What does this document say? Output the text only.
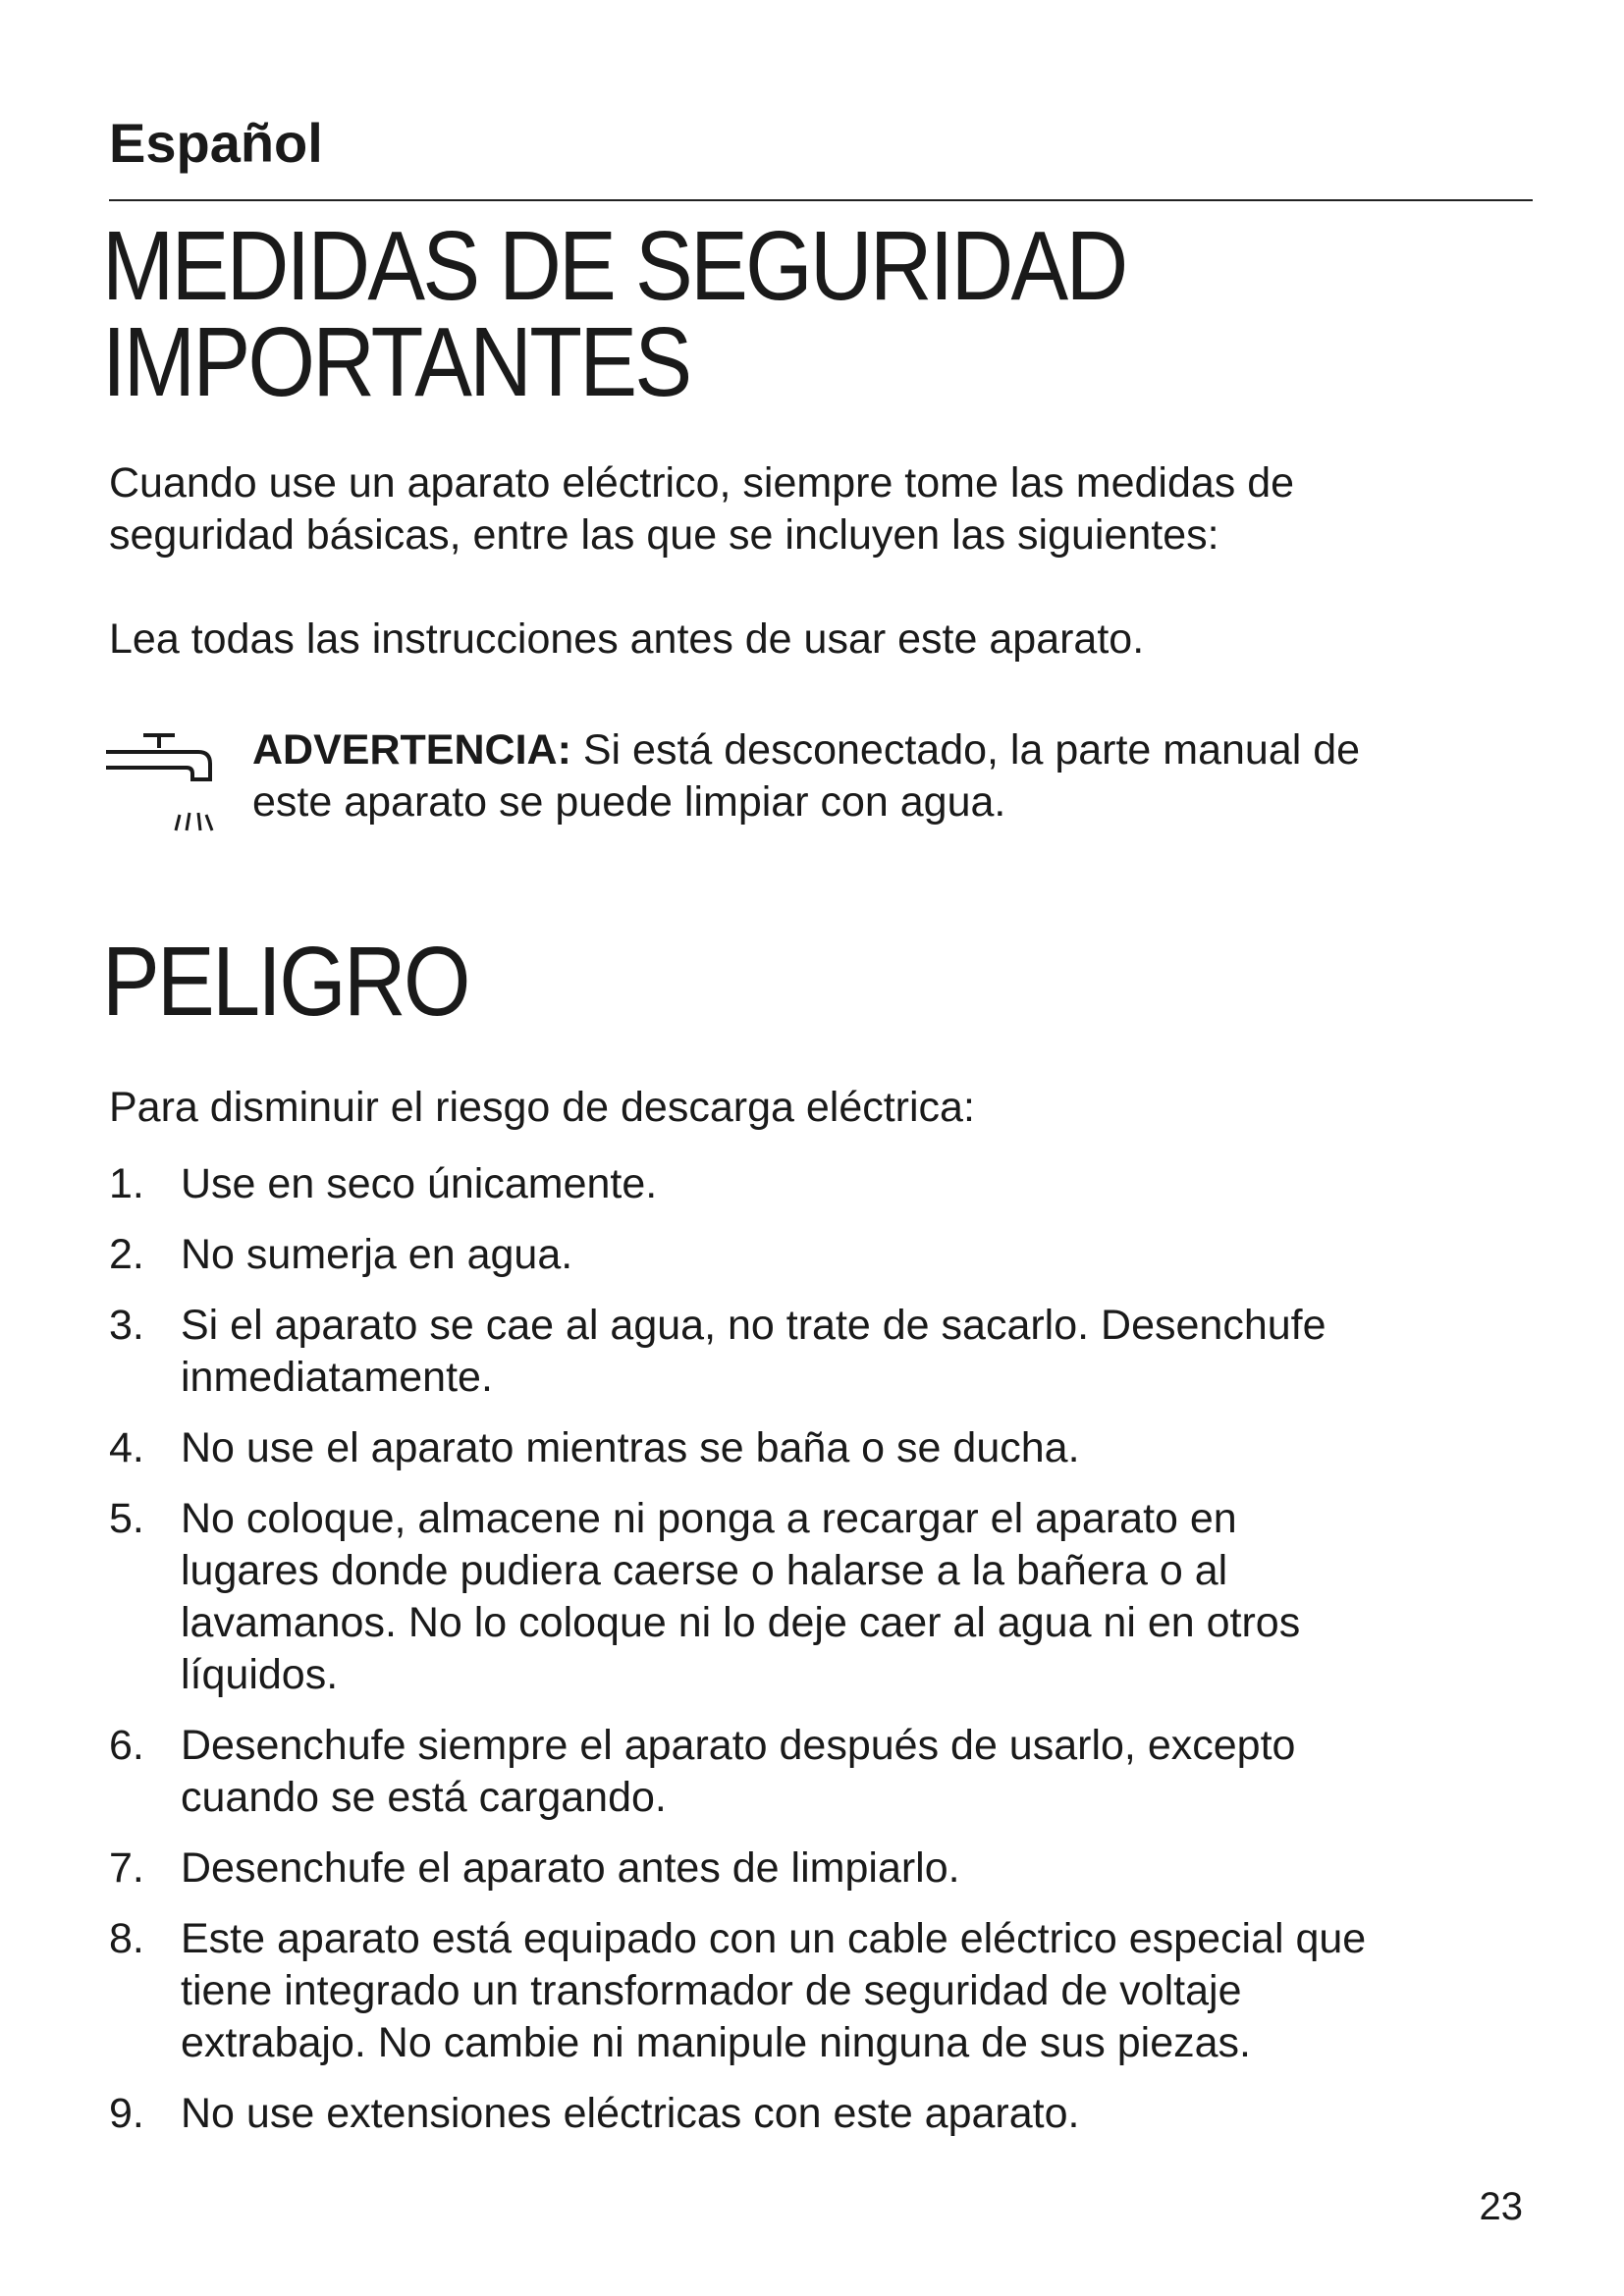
Español
MEDIDAS DE SEGURIDAD
IMPORTANTES
Cuando use un aparato eléctrico, siempre tome las medidas de
seguridad básicas, entre las que se incluyen las siguientes:
Lea todas las instrucciones antes de usar este aparato.
ADVERTENCIA: Si está desconectado, la parte manual de
este aparato se puede limpiar con agua.
PELIGRO
Para disminuir el riesgo de descarga eléctrica:
1. Use en seco únicamente.
2. No sumerja en agua.
3. Si el aparato se cae al agua, no trate de sacarlo. Desenchufe
inmediatamente.
4. No use el aparato mientras se baña o se ducha.
5. No coloque, almacene ni ponga a recargar el aparato en
lugares donde pudiera caerse o halarse a la bañera o al
lavamanos. No lo coloque ni lo deje caer al agua ni en otros
líquidos.
6. Desenchufe siempre el aparato después de usarlo, excepto
cuando se está cargando.
7. Desenchufe el aparato antes de limpiarlo.
8. Este aparato está equipado con un cable eléctrico especial que
tiene integrado un transformador de seguridad de voltaje
extrabajo. No cambie ni manipule ninguna de sus piezas.
9. No use extensiones eléctricas con este aparato.
23
